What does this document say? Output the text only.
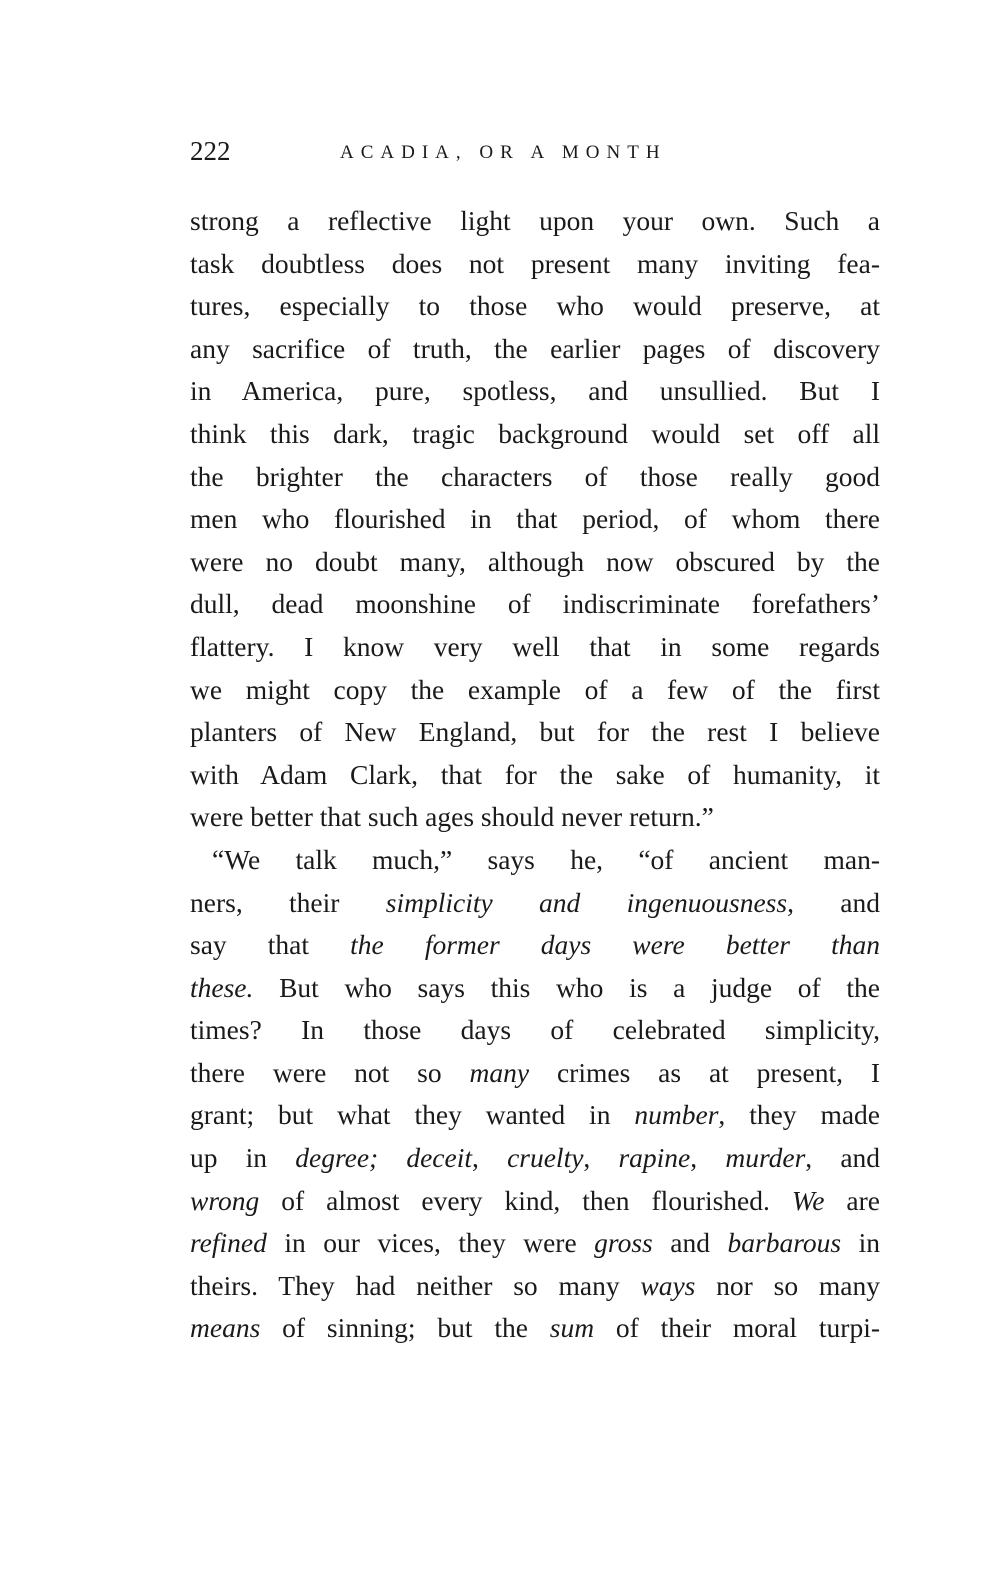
222	ACADIA, OR A MONTH
strong a reflective light upon your own. Such a
task doubtless does not present many inviting fea-
tures, especially to those who would preserve, at
any sacrifice of truth, the earlier pages of discovery
in America, pure, spotless, and unsullied. But I
think this dark, tragic background would set off all
the brighter the characters of those really good
men who flourished in that period, of whom there
were no doubt many, although now obscured by the
dull, dead moonshine of indiscriminate forefathers’
flattery. I know very well that in some regards
we might copy the example of a few of the first
planters of New England, but for the rest I believe
with Adam Clark, that for the sake of humanity, it
were better that such ages should never return.”
“We talk much,” says he, “of ancient man-
ners, their simplicity and ingenuousness, and
say that the former days were better than
these. But who says this who is a judge of the
times? In those days of celebrated simplicity,
there were not so many crimes as at present, I
grant; but what they wanted in number, they made
up in degree; deceit, cruelty, rapine, murder, and
wrong of almost every kind, then flourished. We are
refined in our vices, they were gross and barbarous in
theirs. They had neither so many ways nor so many
means of sinning; but the sum of their moral turpi-
